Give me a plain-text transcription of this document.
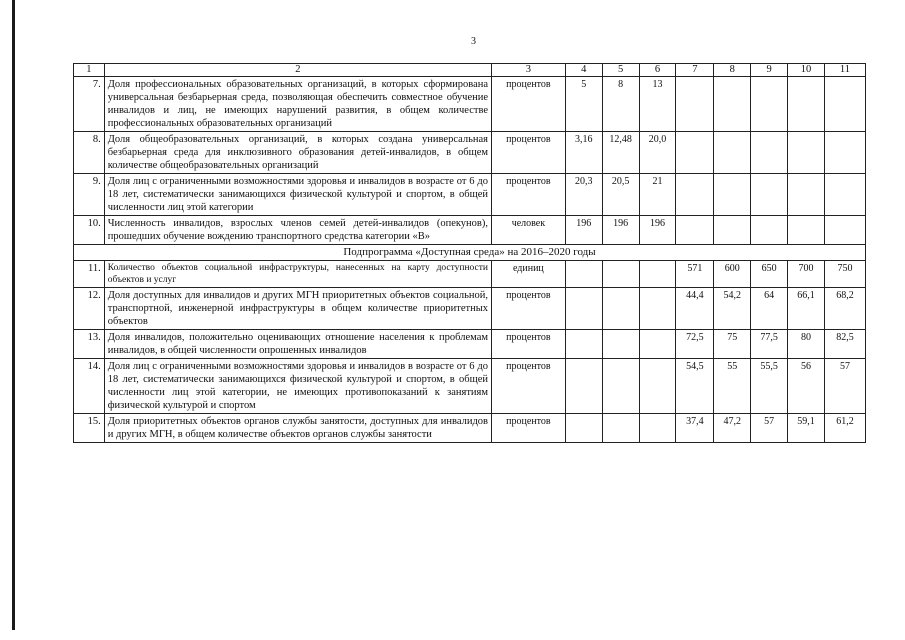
3
1	2	3	4	5	6	7	8	9	10	11
7.	Доля профессиональных образовательных организаций, в которых сформирована универсальная безбарьерная среда, позволяющая обеспечить совместное обучение инвалидов и лиц, не имеющих нарушений развития, в общем количестве профессиональных образовательных организаций	процентов	5	8	13					
8.	Доля общеобразовательных организаций, в которых создана универсальная безбарьерная среда для инклюзивного образования детей-инвалидов, в общем количестве общеобразовательных организаций	процентов	3,16	12,48	20,0					
9.	Доля лиц с ограниченными возможностями здоровья и инвалидов в возрасте от 6 до 18 лет, систематически занимающихся физической культурой и спортом, в общей численности лиц этой категории	процентов	20,3	20,5	21					
10.	Численность инвалидов, взрослых членов семей детей-инвалидов (опекунов), прошедших обучение вождению транспортного средства категории «В»	человек	196	196	196					
Подпрограмма «Доступная среда» на 2016–2020 годы										
11.	Количество объектов социальной инфраструктуры, нанесенных на карту доступности объектов и услуг	единиц				571	600	650	700	750
12.	Доля доступных для инвалидов и других МГН приоритетных объектов социальной, транспортной, инженерной инфраструктуры в общем количестве приоритетных объектов	процентов				44,4	54,2	64	66,1	68,2
13.	Доля инвалидов, положительно оценивающих отношение населения к проблемам инвалидов, в общей численности опрошенных инвалидов	процентов				72,5	75	77,5	80	82,5
14.	Доля лиц с ограниченными возможностями здоровья и инвалидов в возрасте от 6 до 18 лет, систематически занимающихся физической культурой и спортом, в общей численности лиц этой категории, не имеющих противопоказаний к занятиям физической культурой и спортом	процентов				54,5	55	55,5	56	57
15.	Доля приоритетных объектов органов службы занятости, доступных для инвалидов и других МГН, в общем количестве объектов органов службы занятости	процентов				37,4	47,2	57	59,1	61,2
